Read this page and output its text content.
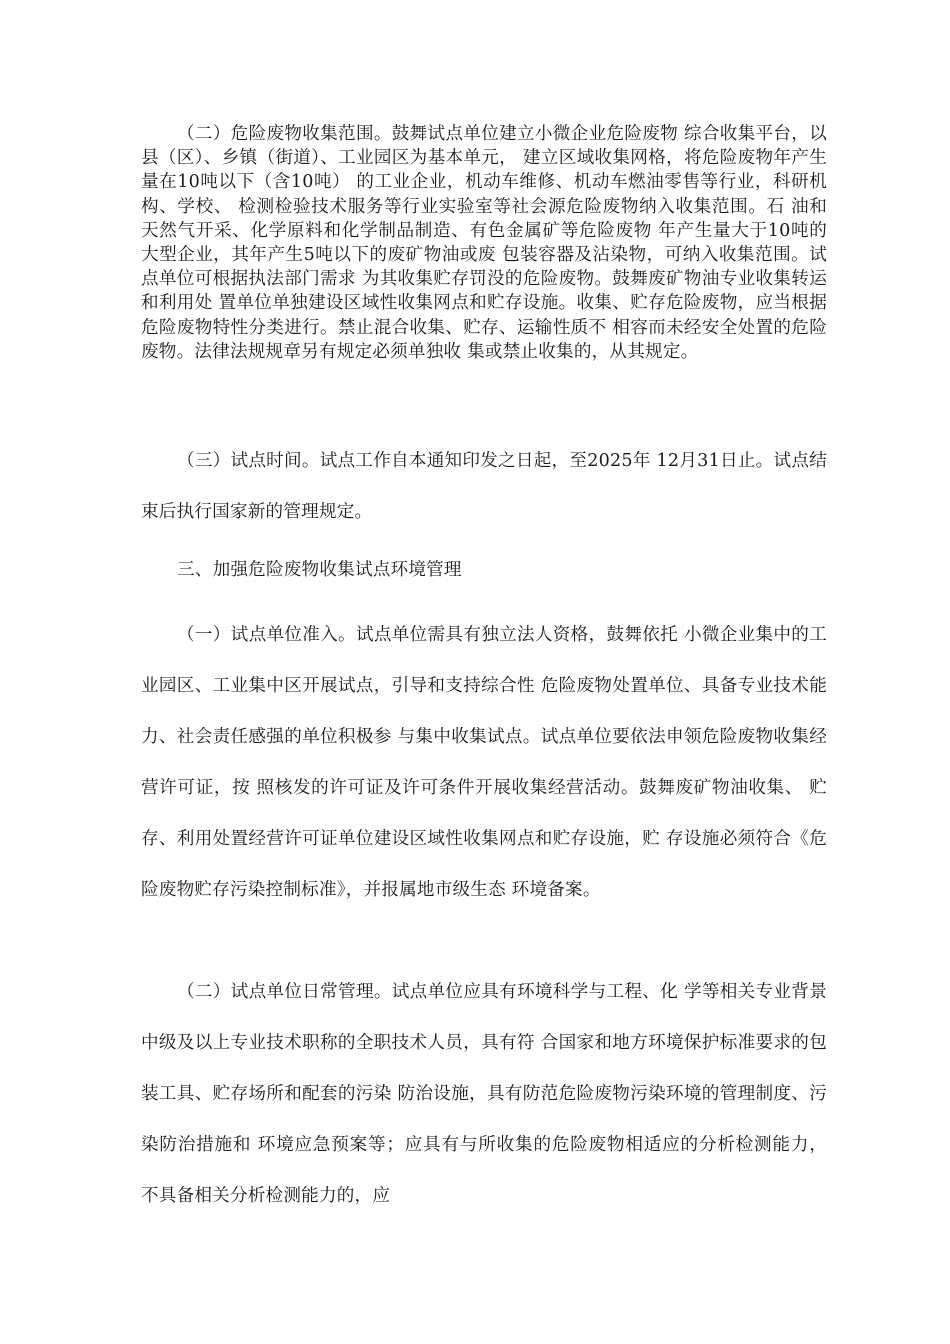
（二）危险废物收集范围。鼓舞试点单位建立小微企业危险废物 综合收集平台，以县（区）、乡镇（街道）、工业园区为基本单元， 建立区域收集网格，将危险废物年产生量在10吨以下（含10吨） 的工业企业，机动车维修、机动车燃油零售等行业，科研机构、学校、 检测检验技术服务等行业实验室等社会源危险废物纳入收集范围。石 油和天然气开采、化学原料和化学制品制造、有色金属矿等危险废物 年产生量大于10吨的大型企业，其年产生5吨以下的废矿物油或废 包装容器及沾染物，可纳入收集范围。试点单位可根据执法部门需求 为其收集贮存罚没的危险废物。鼓舞废矿物油专业收集转运和利用处 置单位单独建设区域性收集网点和贮存设施。收集、贮存危险废物，应当根据危险废物特性分类进行。禁止混合收集、贮存、运输性质不 相容而未经安全处置的危险废物。法律法规规章另有规定必须单独收 集或禁止收集的，从其规定。

（三）试点时间。试点工作自本通知印发之日起，至2025年 12月31日止。试点结束后执行国家新的管理规定。

三、加强危险废物收集试点环境管理

（一）试点单位准入。试点单位需具有独立法人资格，鼓舞依托 小微企业集中的工业园区、工业集中区开展试点，引导和支持综合性 危险废物处置单位、具备专业技术能力、社会责任感强的单位积极参 与集中收集试点。试点单位要依法申领危险废物收集经营许可证，按 照核发的许可证及许可条件开展收集经营活动。鼓舞废矿物油收集、 贮存、利用处置经营许可证单位建设区域性收集网点和贮存设施，贮 存设施必须符合《危险废物贮存污染控制标准》，并报属地市级生态 环境备案。

（二）试点单位日常管理。试点单位应具有环境科学与工程、化 学等相关专业背景中级及以上专业技术职称的全职技术人员，具有符 合国家和地方环境保护标准要求的包装工具、贮存场所和配套的污染 防治设施，具有防范危险废物污染环境的管理制度、污染防治措施和 环境应急预案等；应具有与所收集的危险废物相适应的分析检测能力， 不具备相关分析检测能力的，应
